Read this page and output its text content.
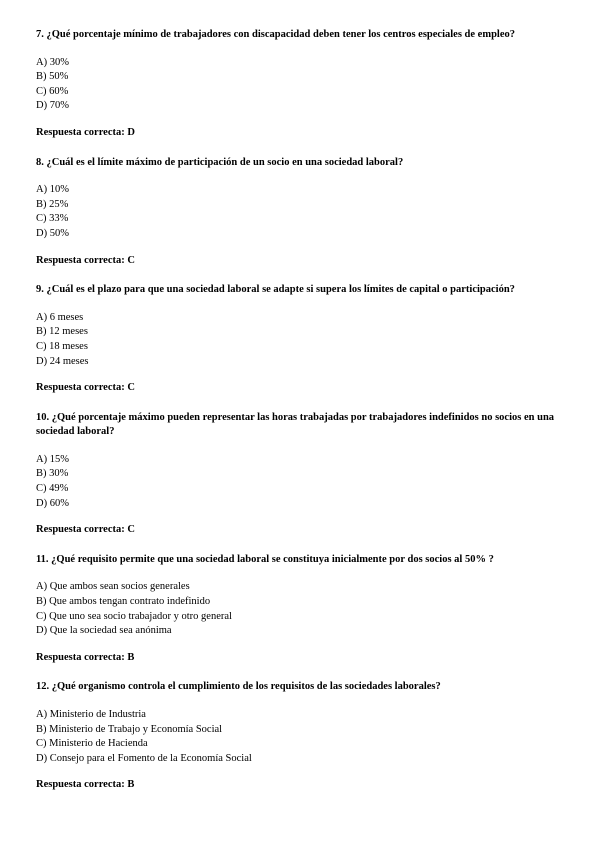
7. ¿Qué porcentaje mínimo de trabajadores con discapacidad deben tener los centros especiales de empleo?

A) 30%
B) 50%
C) 60%
D) 70%

Respuesta correcta: D

8. ¿Cuál es el límite máximo de participación de un socio en una sociedad laboral?

A) 10%
B) 25%
C) 33%
D) 50%

Respuesta correcta: C

9. ¿Cuál es el plazo para que una sociedad laboral se adapte si supera los límites de capital o participación?

A) 6 meses
B) 12 meses
C) 18 meses
D) 24 meses

Respuesta correcta: C

10. ¿Qué porcentaje máximo pueden representar las horas trabajadas por trabajadores indefinidos no socios en una sociedad laboral?

A) 15%
B) 30%
C) 49%
D) 60%

Respuesta correcta: C

11. ¿Qué requisito permite que una sociedad laboral se constituya inicialmente por dos socios al 50% ?

A) Que ambos sean socios generales
B) Que ambos tengan contrato indefinido
C) Que uno sea socio trabajador y otro general
D) Que la sociedad sea anónima

Respuesta correcta: B

12. ¿Qué organismo controla el cumplimiento de los requisitos de las sociedades laborales?

A) Ministerio de Industria
B) Ministerio de Trabajo y Economía Social
C) Ministerio de Hacienda
D) Consejo para el Fomento de la Economía Social

Respuesta correcta: B
